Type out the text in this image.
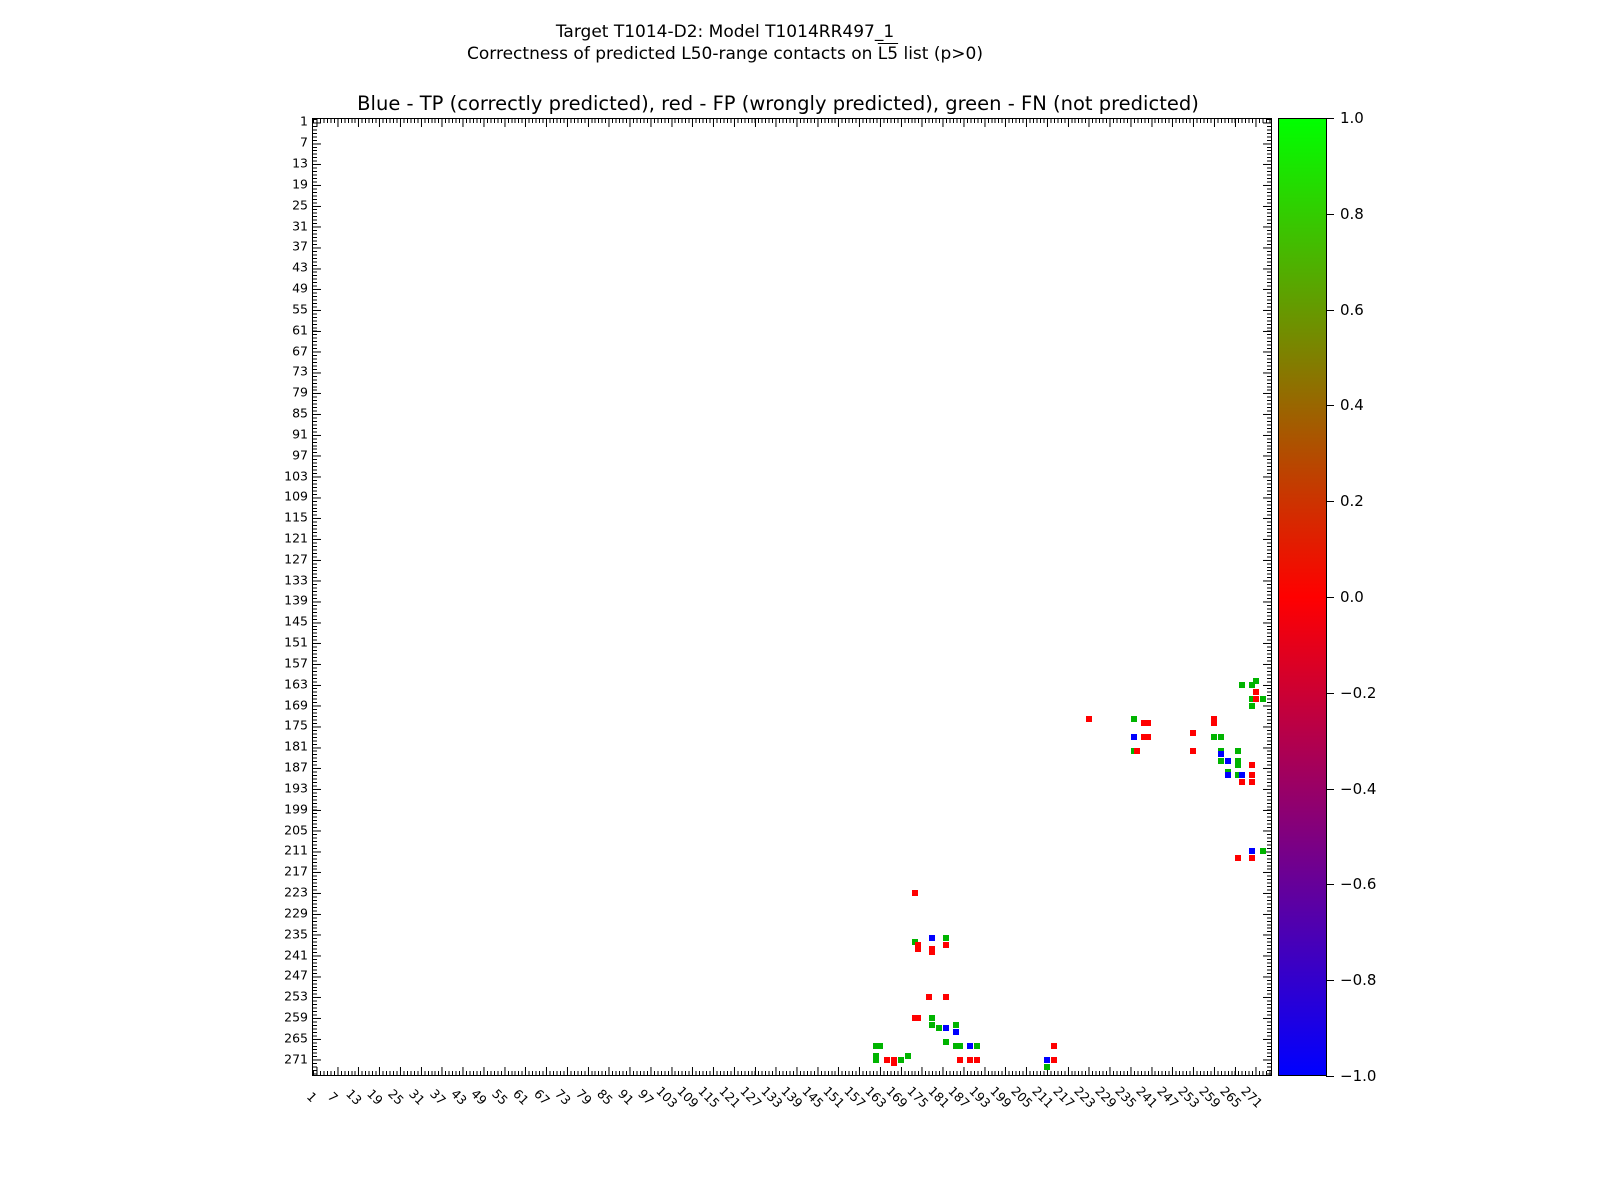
Target T1014-D2: Model T1014RR497_1
Correctness of predicted L50-range contacts on L5 list (p>0)
Blue - TP (correctly predicted), red - FP (wrongly predicted), green - FN (not predicted)
1
7
13
19
25
31
37
43
49
55
61
67
73
79
85
91
97
103
109
115
121
127
133
139
145
151
157
163
169
175
181
187
193
199
205
211
217
223
229
235
241
247
253
259
265
271
1 7 13 19 25 31 37 43 49 55 61 67 73 79 85 91 97
103
109
115
121
127
133
139
145
151
157
163
169
175
181
187
193
199
205
211
217
223
229
235
241
247
253
259
265
271
1.0
0.8
0.6
0.4
0.2
0.0
−0.2
−0.4
−0.6
−0.8
−1.0
